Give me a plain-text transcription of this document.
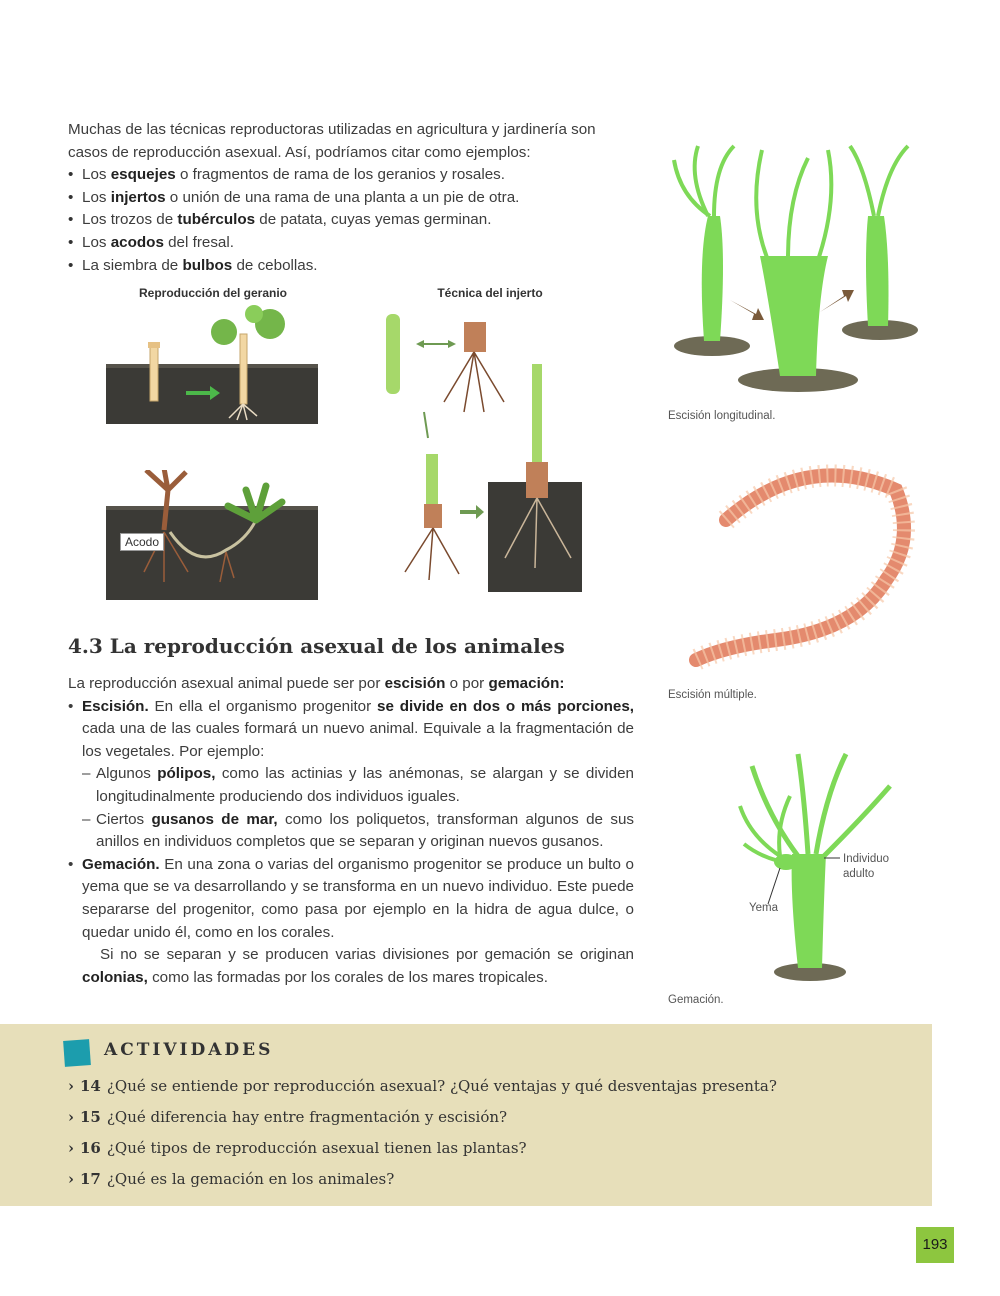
Muchas de las técnicas reproductoras utilizadas en agricultura y jardinería son casos de reproducción asexual. Así, podríamos citar como ejemplos:

• Los esquejes o fragmentos de rama de los geranios y rosales.
• Los injertos o unión de una rama de una planta a un pie de otra.
• Los trozos de tubérculos de patata, cuyas yemas germinan.
• Los acodos del fresal.
• La siembra de bulbos de cebollas.
Reproducción del geranio	Técnica del injerto
Acodo
Escisión longitudinal.
Escisión múltiple.
Individuo
adulto
Yema
Gemación.
4.3 La reproducción asexual de los animales

La reproducción asexual animal puede ser por escisión o por gemación:

• Escisión. En ella el organismo progenitor se divide en dos o más porciones, cada una de las cuales formará un nuevo animal. Equivale a la fragmentación de los vegetales. Por ejemplo:

– Algunos pólipos, como las actinias y las anémonas, se alargan y se dividen longitudinalmente produciendo dos individuos iguales.

– Ciertos gusanos de mar, como los poliquetos, transforman algunos de sus anillos en individuos completos que se separan y originan nuevos gusanos.

• Gemación. En una zona o varias del organismo progenitor se produce un bulto o yema que se va desarrollando y se transforma en un nuevo individuo. Este puede separarse del progenitor, como pasa por ejemplo en la hidra de agua dulce, o quedar unido él, como en los corales.

Si no se separan y se producen varias divisiones por gemación se originan colonias, como las formadas por los corales de los mares tropicales.

ACTIVIDADES
› 14 ¿Qué se entiende por reproducción asexual? ¿Qué ventajas y qué desventajas presenta?
› 15 ¿Qué diferencia hay entre fragmentación y escisión?
› 16 ¿Qué tipos de reproducción asexual tienen las plantas?
› 17 ¿Qué es la gemación en los animales?
193
